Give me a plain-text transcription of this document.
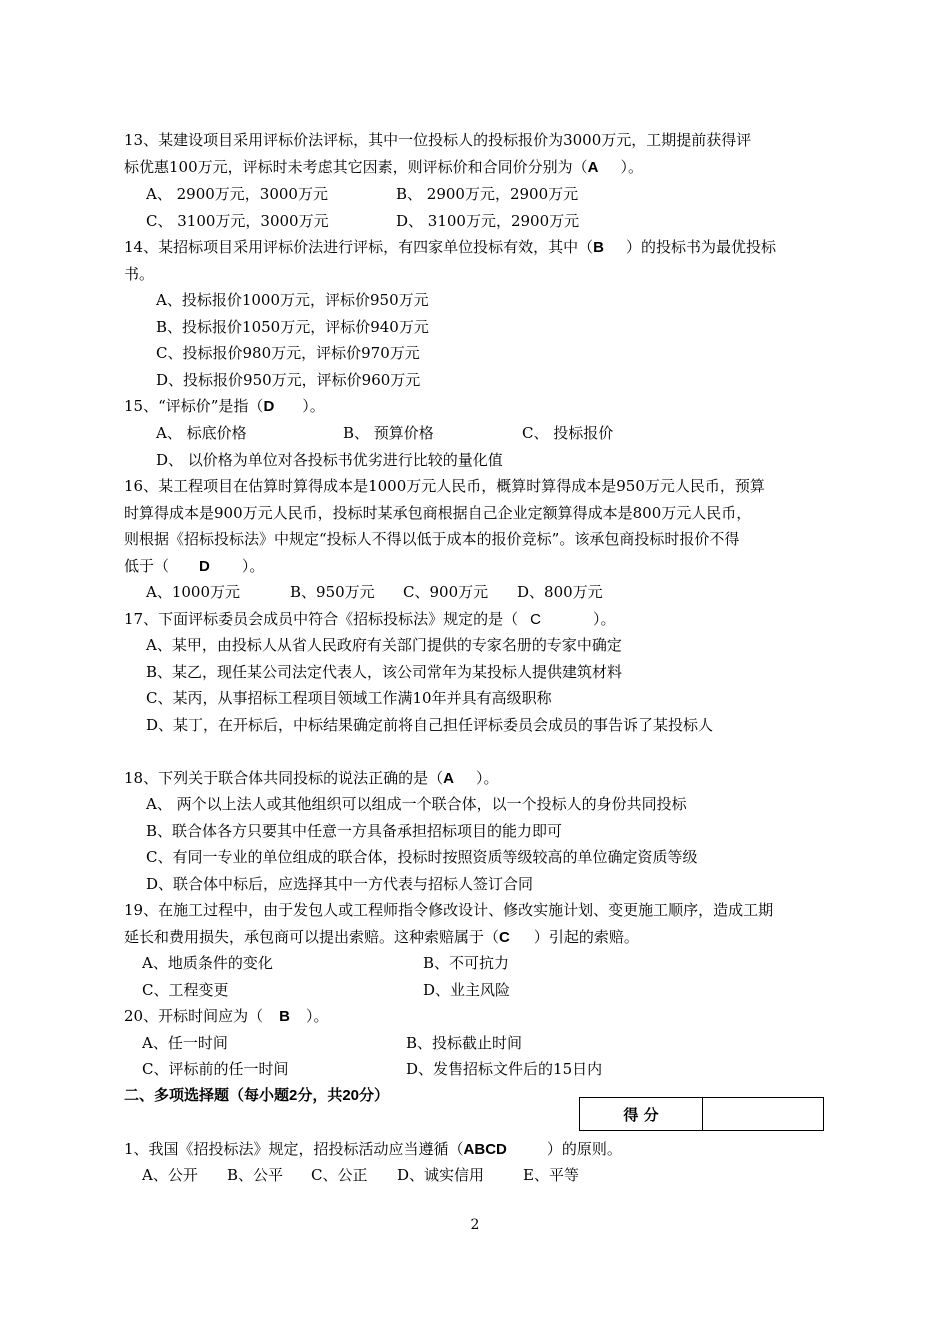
13、某建设项目采用评标价法评标，其中一位投标人的投标报价为3000万元，工期提前获得评
标优惠100万元，评标时未考虑其它因素，则评标价和合同价分别为（A ）。
A、 2900万元，3000万元	B、 2900万元，2900万元
C、 3100万元，3000万元	D、 3100万元，2900万元
14、某招标项目采用评标价法进行评标，有四家单位投标有效，其中（B ）的投标书为最优投标
书。
A、投标报价1000万元，评标价950万元
B、投标报价1050万元，评标价940万元
C、投标报价980万元，评标价970万元
D、投标报价950万元，评标价960万元
15、“评标价”是指（D ）。
A、 标底价格	B、 预算价格	C、 投标报价
D、 以价格为单位对各投标书优劣进行比较的量化值
16、某工程项目在估算时算得成本是1000万元人民币，概算时算得成本是950万元人民币，预算
时算得成本是900万元人民币，投标时某承包商根据自己企业定额算得成本是800万元人民币，
则根据《招标投标法》中规定“投标人不得以低于成本的报价竞标”。该承包商投标时报价不得
低于（ D ）。
A、1000万元	B、950万元 C、900万元 D、800万元
17、下面评标委员会成员中符合《招标投标法》规定的是（ C	）。
A、某甲，由投标人从省人民政府有关部门提供的专家名册的专家中确定
B、某乙，现任某公司法定代表人，该公司常年为某投标人提供建筑材料
C、某丙，从事招标工程项目领域工作满10年并具有高级职称
D、某丁，在开标后，中标结果确定前将自己担任评标委员会成员的事告诉了某投标人
18、下列关于联合体共同投标的说法正确的是（A ）。
A、 两个以上法人或其他组织可以组成一个联合体，以一个投标人的身份共同投标
B、联合体各方只要其中任意一方具备承担招标项目的能力即可
C、有同一专业的单位组成的联合体，投标时按照资质等级较高的单位确定资质等级
D、联合体中标后，应选择其中一方代表与招标人签订合同
19、在施工过程中，由于发包人或工程师指令修改设计、修改实施计划、变更施工顺序，造成工期
延长和费用损失，承包商可以提出索赔。这种索赔属于（C ）引起的索赔。
A、地质条件的变化	B、不可抗力
C、工程变更	D、业主风险
20、开标时间应为（ B ）。
A、任一时间	B、投标截止时间
C、评标前的任一时间	D、发售招标文件后的15日内
二、多项选择题（每小题2分，共20分）
得 分
1、我国《招投标法》规定，招投标活动应当遵循（ABCD	）的原则。
A、公开 B、公平 C、公正 D、诚实信用	E、平等
2
